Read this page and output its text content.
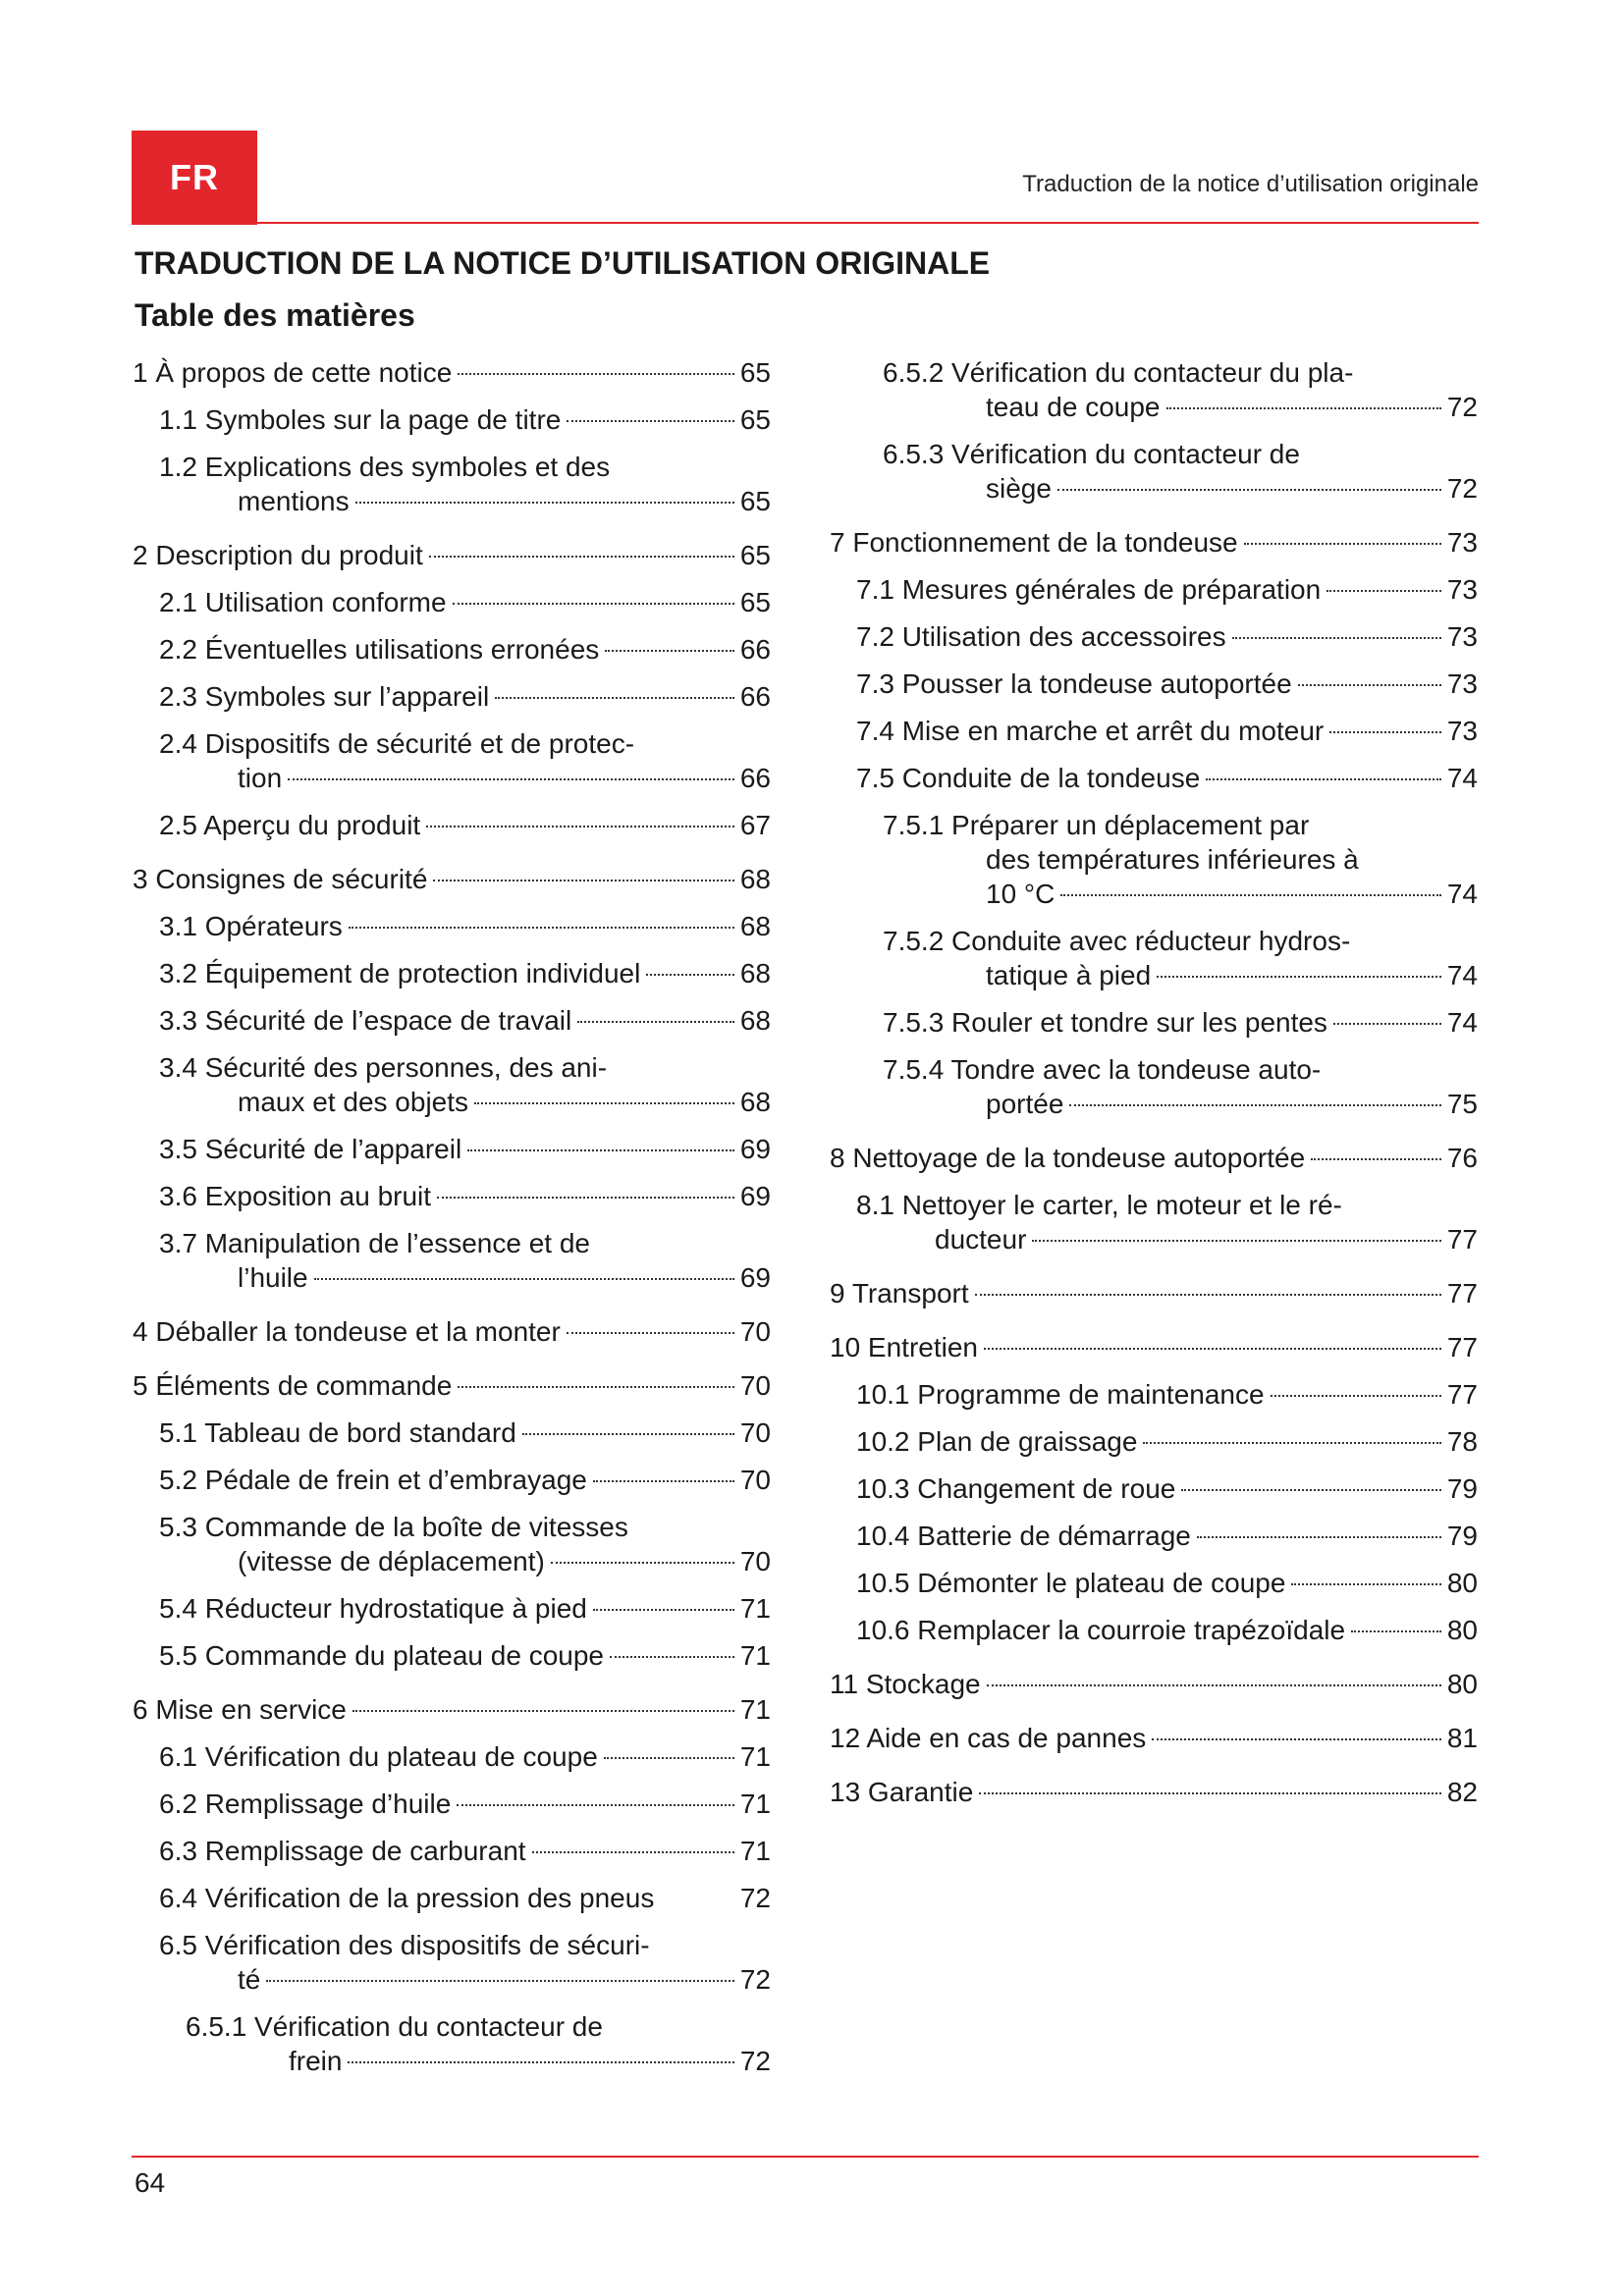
FR	Traduction de la notice d’utilisation originale
TRADUCTION DE LA NOTICE D’UTILISATION ORIGINALE
Table des matières
1 À propos de cette notice	65
1.1 Symboles sur la page de titre	65
1.2 Explications des symboles et des
mentions	65
2 Description du produit	65
2.1 Utilisation conforme	65
2.2 Éventuelles utilisations erronées	66
2.3 Symboles sur l’appareil	66
2.4 Dispositifs de sécurité et de protec-
tion	66
2.5 Aperçu du produit	67
3 Consignes de sécurité	68
3.1 Opérateurs	68
3.2 Équipement de protection individuel	68
3.3 Sécurité de l’espace de travail	68
3.4 Sécurité des personnes, des ani-
maux et des objets	68
3.5 Sécurité de l’appareil	69
3.6 Exposition au bruit	69
3.7 Manipulation de l’essence et de
l’huile	69
4 Déballer la tondeuse et la monter	70
5 Éléments de commande	70
5.1 Tableau de bord standard	70
5.2 Pédale de frein et d’embrayage	70
5.3 Commande de la boîte de vitesses
(vitesse de déplacement)	70
5.4 Réducteur hydrostatique à pied	71
5.5 Commande du plateau de coupe	71
6 Mise en service	71
6.1 Vérification du plateau de coupe	71
6.2 Remplissage d’huile	71
6.3 Remplissage de carburant	71
6.4 Vérification de la pression des pneus	72
6.5 Vérification des dispositifs de sécuri-
té	72
6.5.1 Vérification du contacteur de
frein	72
6.5.2 Vérification du contacteur du pla-
teau de coupe	72
6.5.3 Vérification du contacteur de
siège	72
7 Fonctionnement de la tondeuse	73
7.1 Mesures générales de préparation	73
7.2 Utilisation des accessoires	73
7.3 Pousser la tondeuse autoportée	73
7.4 Mise en marche et arrêt du moteur	73
7.5 Conduite de la tondeuse	74
7.5.1 Préparer un déplacement par
des températures inférieures à
10 °C	74
7.5.2 Conduite avec réducteur hydros-
tatique à pied	74
7.5.3 Rouler et tondre sur les pentes	74
7.5.4 Tondre avec la tondeuse auto-
portée	75
8 Nettoyage de la tondeuse autoportée	76
8.1 Nettoyer le carter, le moteur et le ré-
ducteur	77
9 Transport	77
10 Entretien	77
10.1 Programme de maintenance	77
10.2 Plan de graissage	78
10.3 Changement de roue	79
10.4 Batterie de démarrage	79
10.5 Démonter le plateau de coupe	80
10.6 Remplacer la courroie trapézoïdale	80
11 Stockage	80
12 Aide en cas de pannes	81
13 Garantie	82
64
